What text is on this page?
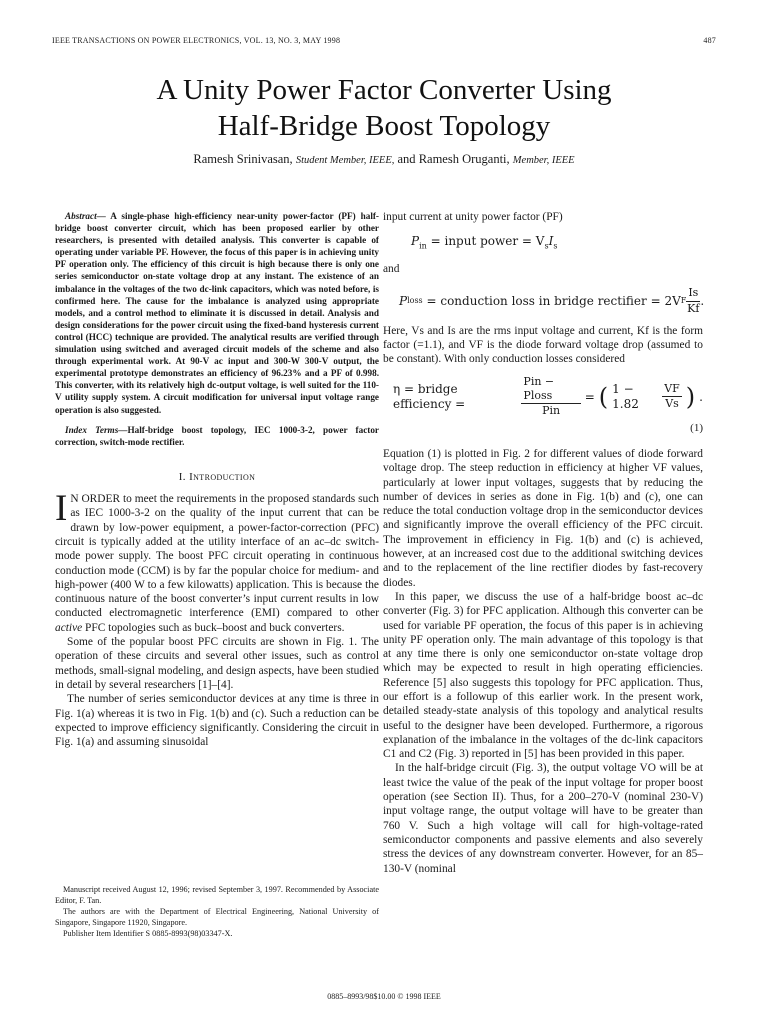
IEEE TRANSACTIONS ON POWER ELECTRONICS, VOL. 13, NO. 3, MAY 1998	487
A Unity Power Factor Converter Using
Half-Bridge Boost Topology
Ramesh Srinivasan, Student Member, IEEE, and Ramesh Oruganti, Member, IEEE

Abstract— A single-phase high-efficiency near-unity power-factor (PF) half-bridge boost converter circuit, which has been proposed earlier by other researchers, is presented with detailed analysis. This converter is capable of operating under variable PF. However, the focus of this paper is in achieving unity PF operation only. The efficiency of this circuit is high because there is only one series semiconductor on-state voltage drop at any instant. The existence of an imbalance in the voltages of the two dc-link capacitors, which was noted before, is confirmed here. The cause for the imbalance is analyzed using appropriate models, and a control method to eliminate it is discussed in detail. Analysis and design considerations for the power circuit using the fixed-band hysteresis current control (HCC) technique are provided. The analytical results are verified through simulation using switched and averaged circuit models of the scheme and also through experimental work. At 90-V ac input and 300-W 300-V output, the experimental prototype demonstrates an efficiency of 96.23% and a PF of 0.998. This converter, with its relatively high dc-output voltage, is well suited for the 110-V utility supply system. A circuit modification for universal input voltage range operation is also suggested.

Index Terms—Half-bridge boost topology, IEC 1000-3-2, power factor correction, switch-mode rectifier.

I. Introduction

I N ORDER to meet the requirements in the proposed standards such as IEC 1000-3-2 on the quality of the input current that can be drawn by low-power equipment, a power-factor-correction (PFC) circuit is typically added at the utility interface of an ac–dc switch-mode power supply. The boost PFC circuit operating in continuous conduction mode (CCM) is by far the popular choice for medium- and high-power (400 W to a few kilowatts) application. This is because the continuous nature of the boost converter’s input current results in low conducted electromagnetic interference (EMI) compared to other active PFC topologies such as buck–boost and buck converters.

Some of the popular boost PFC circuits are shown in Fig. 1. The operation of these circuits and several other issues, such as control methods, small-signal modeling, and design aspects, have been studied in detail by several researchers [1]–[4].

The number of series semiconductor devices at any time is three in Fig. 1(a) whereas it is two in Fig. 1(b) and (c). Such a reduction can be expected to improve efficiency significantly. Considering the circuit in Fig. 1(a) and assuming sinusoidal

Manuscript received August 12, 1996; revised September 3, 1997. Recommended by Associate Editor, F. Tan.

The authors are with the Department of Electrical Engineering, National University of Singapore, Singapore 11920, Singapore.

Publisher Item Identifier S 0885-8993(98)03347-X.

input current at unity power factor (PF)

$P_{in}$ = input power = $V_sI_s$

and

P loss = conduction loss in bridge rectifier = 2V F $\frac{Is}{Kf}$ .

Here, Vs and Is are the rms input voltage and current, Kf is the form factor (=1.1), and VF is the diode forward voltage drop (assumed to be constant). With only conduction losses considered

η = bridge efficiency =	$\frac{\text{Pin − Ploss}}{\text{Pin}}$ = ( 1 − 1.82	$\frac{VF}{Vs}$ ) .
(1)

Equation (1) is plotted in Fig. 2 for different values of diode forward voltage drop. The steep reduction in efficiency at higher VF values, particularly at lower input voltages, suggests that by reducing the number of devices in series as done in Fig. 1(b) and (c), one can reduce the total conduction voltage drop in the semiconductor devices and significantly improve the overall efficiency of the PFC circuit. The improvement in efficiency in Fig. 1(b) and (c) is achieved, however, at an increased cost due to the additional switching devices and to the replacement of the line rectifier diodes by fast-recovery diodes.

In this paper, we discuss the use of a half-bridge boost ac–dc converter (Fig. 3) for PFC application. Although this converter can be used for variable PF operation, the focus of this paper is in achieving unity PF operation only. The main advantage of this topology is that at any time there is only one semiconductor on-state voltage drop which may be expected to result in high operating efficiencies. Reference [5] also suggests this topology for PFC application. Thus, our effort is a followup of this earlier work. In the present work, detailed steady-state analysis of this topology and analytical results useful to the designer have been developed. Furthermore, a rigorous explanation of the imbalance in the voltages of the dc-link capacitors C1 and C2 (Fig. 3) reported in [5] has been provided in this paper.

In the half-bridge circuit (Fig. 3), the output voltage VO will be at least twice the value of the peak of the input voltage for proper boost operation (see Section II). Thus, for a 200–270-V (nominal 230-V) input voltage range, the output voltage will have to be greater than 760 V. Such a high voltage will call for high-voltage-rated semiconductor components and passive elements and also severely stress the devices of any downstream converter. However, for an 85–130-V (nominal

0885–8993/98$10.00 © 1998 IEEE
